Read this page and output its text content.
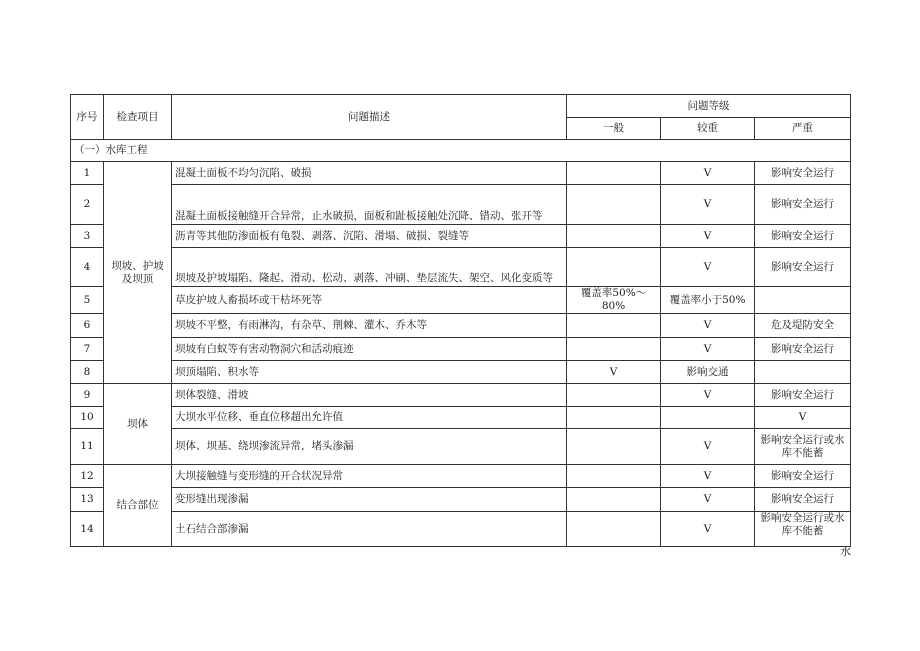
序号	检查项目	问题描述	问题等级		
			一般	较重	严重
（一）水库工程					
1	坝坡、护坡及坝顶	混凝土面板不均匀沉陷、破损		V	影响安全运行
2		混凝土面板接触缝开合异常，止水破损，面板和趾板接触处沉降、错动、张开等		V	影响安全运行
3		沥青等其他防渗面板有龟裂、剥落、沉陷、滑塌、破损、裂缝等		V	影响安全运行
4		坝坡及护坡塌陷、隆起、滑动、松动、剥落、冲刷、垫层流失、架空、风化变质等		V	影响安全运行
5		草皮护坡人畜损坏或干枯坏死等	覆盖率50%～80%	覆盖率小于50%	
6		坝坡不平整，有雨淋沟，有杂草、荆棘、灌木、乔木等		V	危及堤防安全
7		坝坡有白蚁等有害动物洞穴和活动痕迹		V	影响安全运行
8		坝顶塌陷、积水等	V	影响交通	
9	坝体	坝体裂缝、滑坡		V	影响安全运行
10		大坝水平位移、垂直位移超出允许值			V
11		坝体、坝基、绕坝渗流异常，堵头渗漏		V	影响安全运行或水库不能蓄
12	结合部位	大坝接触缝与变形缝的开合状况异常		V	影响安全运行
13		变形缝出现渗漏		V	影响安全运行
14		土石结合部渗漏		V	影响安全运行或水库不能蓄
水
